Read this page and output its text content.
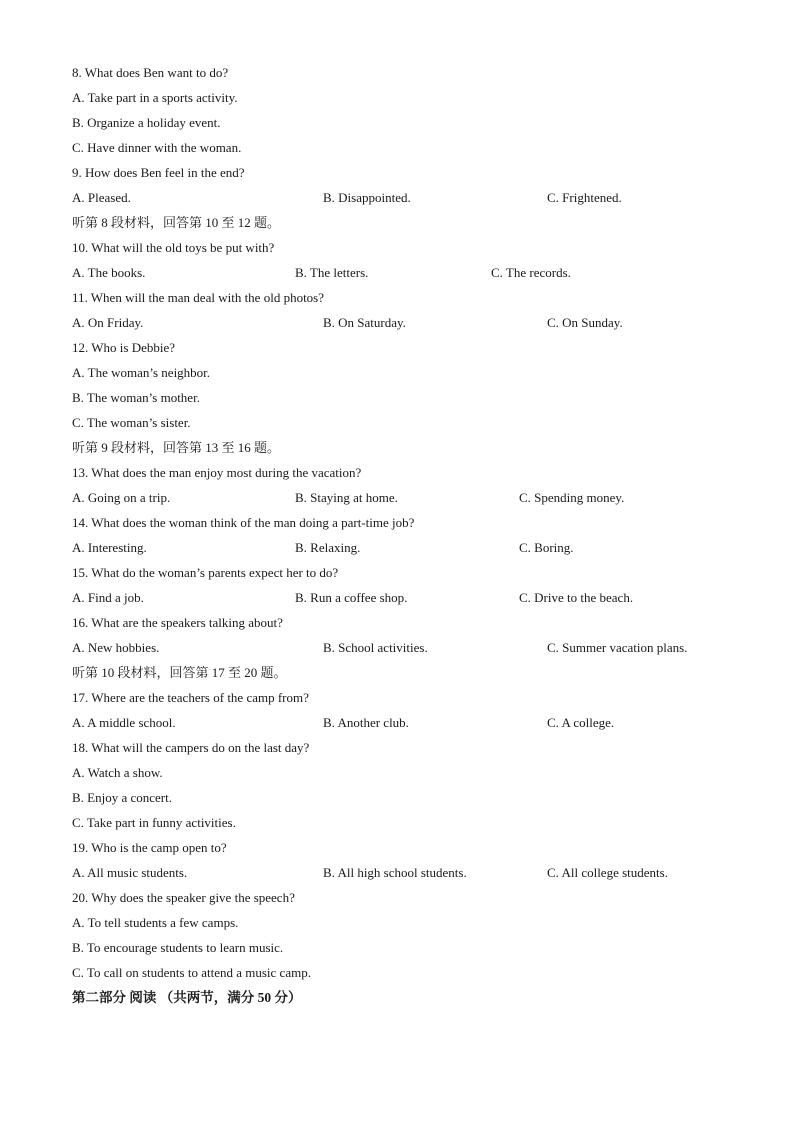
8. What does Ben want to do?
A. Take part in a sports activity.
B. Organize a holiday event.
C. Have dinner with the woman.
9. How does Ben feel in the end?
A. Pleased.	B. Disappointed.	C. Frightened.
听第 8 段材料，回答第 10 至 12 题。
10. What will the old toys be put with?
A. The books.	B. The letters.	C. The records.
11. When will the man deal with the old photos?
A. On Friday.	B. On Saturday.	C. On Sunday.
12. Who is Debbie?
A. The woman’s neighbor.
B. The woman’s mother.
C. The woman’s sister.
听第 9 段材料，回答第 13 至 16 题。
13. What does the man enjoy most during the vacation?
A. Going on a trip.	B. Staying at home.	C. Spending money.
14. What does the woman think of the man doing a part-time job?
A. Interesting.	B. Relaxing.	C. Boring.
15. What do the woman’s parents expect her to do?
A. Find a job.	B. Run a coffee shop.	C. Drive to the beach.
16. What are the speakers talking about?
A. New hobbies.	B. School activities.	C. Summer vacation plans.
听第 10 段材料，回答第 17 至 20 题。
17. Where are the teachers of the camp from?
A. A middle school.	B. Another club.	C. A college.
18. What will the campers do on the last day?
A. Watch a show.
B. Enjoy a concert.
C. Take part in funny activities.
19. Who is the camp open to?
A. All music students.	B. All high school students.	C. All college students.
20. Why does the speaker give the speech?
A. To tell students a few camps.
B. To encourage students to learn music.
C. To call on students to attend a music camp.
第二部分 阅读 （共两节，满分 50 分）
